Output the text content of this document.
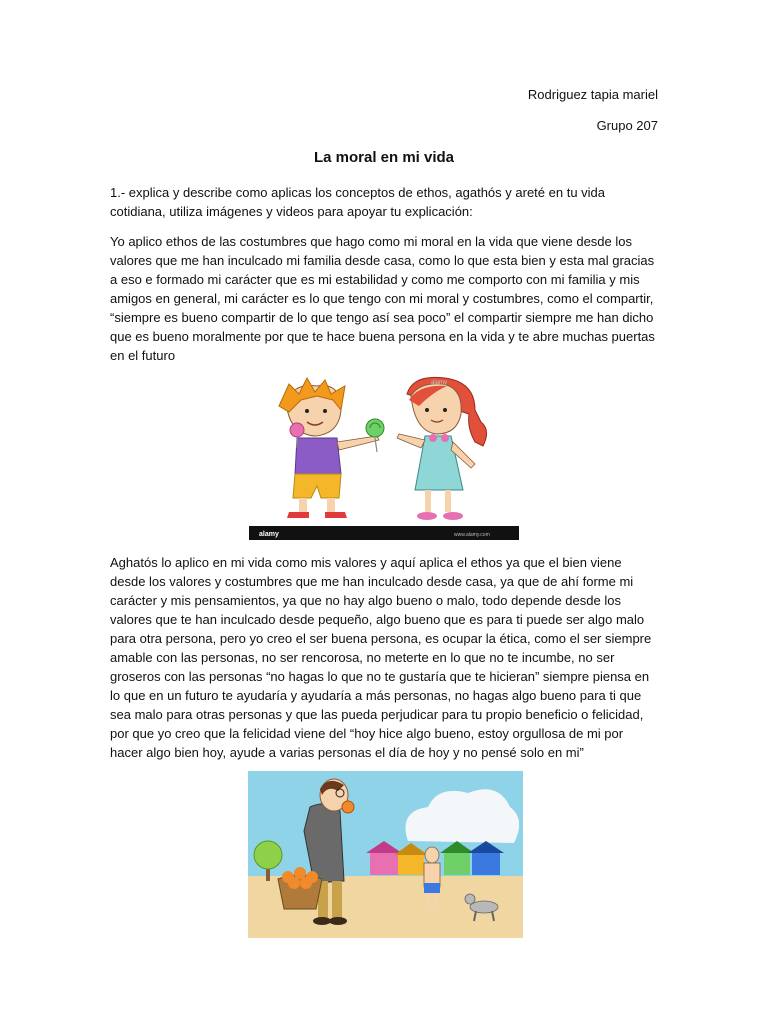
Rodriguez tapia mariel
Grupo 207
La moral en mi vida
1.- explica y describe como aplicas los conceptos de ethos, agathós y areté en tu vida cotidiana, utiliza imágenes y videos para apoyar tu explicación:
Yo aplico ethos de las costumbres que hago como mi moral en la vida que viene desde los valores que me han inculcado mi familia desde casa, como lo que esta bien y esta mal gracias a eso e formado mi carácter que es mi estabilidad y como me comporto con mi familia y mis amigos en general, mi carácter es lo que tengo con mi moral y costumbres, como el compartir, “siempre es bueno compartir de lo que tengo así sea poco” el compartir siempre me han dicho que es bueno moralmente por que te hace buena persona en la vida y te abre muchas puertas en el futuro
alamy
alamy	www.alamy.com
Aghatós lo aplico en mi vida como mis valores y aquí aplica el ethos ya que el bien viene desde los valores y costumbres que me han inculcado desde casa, ya que de ahí forme mi carácter y mis pensamientos, ya que no hay algo bueno o malo, todo depende desde los valores que te han inculcado desde pequeño, algo bueno que es para ti puede ser algo malo para otra persona, pero yo creo el ser buena persona, es ocupar la ética, como el ser siempre amable con las personas, no ser rencorosa, no meterte en lo que no te incumbe, no ser groseros con las personas “no hagas lo que no te gustaría que te hicieran” siempre piensa en lo que en un futuro te ayudaría y ayudaría a más personas, no hagas algo bueno para ti que sea malo para otras personas y que las pueda perjudicar para tu propio beneficio o felicidad, por que yo creo que la felicidad viene del “hoy hice algo bueno, estoy orgullosa de mi por hacer algo bien hoy, ayude a varias personas el día de hoy y no pensé solo en mi”
